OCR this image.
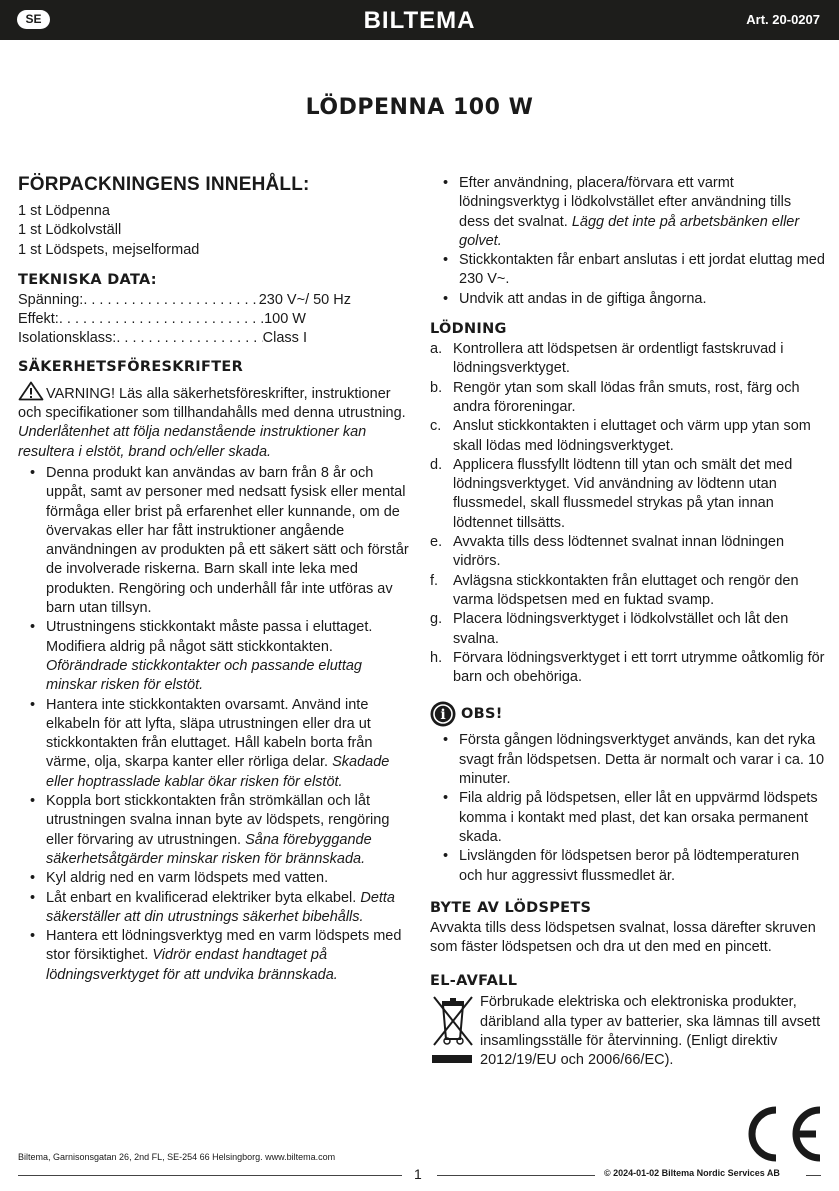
SE	BILTEMA	Art. 20-0207
LÖDPENNA 100 W
FÖRPACKNINGENS INNEHÅLL:
1 st Lödpenna
1 st Lödkolvställ
1 st Lödspets, mejselformad
TEKNISKA DATA:
Spänning: . . .	230 V~/ 50 Hz
Effekt: . . .	100 W
Isolationsklass: . . .	Class I
SÄKERHETSFÖRESKRIFTER

VARNING! Läs alla säkerhetsföreskrifter, instruktioner och specifikationer som tillhandahålls med denna utrustning. Underlåtenhet att följa nedanstående instruktioner kan resultera i elstöt, brand och/eller skada.

• Denna produkt kan användas av barn från 8 år och uppåt, samt av personer med nedsatt fysisk eller mental förmåga eller brist på erfarenhet eller kunnande, om de övervakas eller har fått instruktioner angående användningen av produkten på ett säkert sätt och förstår de involverade riskerna. Barn skall inte leka med produkten. Rengöring och underhåll får inte utföras av barn utan tillsyn.
• Utrustningens stickkontakt måste passa i eluttaget. Modifiera aldrig på något sätt stickkontakten. Oförändrade stickkontakter och passande eluttag minskar risken för elstöt.
• Hantera inte stickkontakten ovarsamt. Använd inte elkabeln för att lyfta, släpa utrustningen eller dra ut stickkontakten från eluttaget. Håll kabeln borta från värme, olja, skarpa kanter eller rörliga delar. Skadade eller hoptrasslade kablar ökar risken för elstöt.
• Koppla bort stickkontakten från strömkällan och låt utrustningen svalna innan byte av lödspets, rengöring eller förvaring av utrustningen. Såna förebyggande säkerhetsåtgärder minskar risken för brännskada.
• Kyl aldrig ned en varm lödspets med vatten.
• Låt enbart en kvalificerad elektriker byta elkabel. Detta säkerställer att din utrustnings säkerhet bibehålls.
• Hantera ett lödningsverktyg med en varm lödspets med stor försiktighet. Vidrör endast handtaget på lödningsverktyget för att undvika brännskada.
• Efter användning, placera/förvara ett varmt lödningsverktyg i lödkolvstället efter användning tills dess det svalnat. Lägg det inte på arbetsbänken eller golvet.
• Stickkontakten får enbart anslutas i ett jordat eluttag med 230 V~.
• Undvik att andas in de giftiga ångorna.
LÖDNING
a. Kontrollera att lödspetsen är ordentligt fastskruvad i lödningsverktyget.
b. Rengör ytan som skall lödas från smuts, rost, färg och andra föroreningar.
c. Anslut stickkontakten i eluttaget och värm upp ytan som skall lödas med lödningsverktyget.
d. Applicera flussfyllt lödtenn till ytan och smält det med lödningsverktyget. Vid användning av lödtenn utan flussmedel, skall flussmedel strykas på ytan innan lödtennet tillsätts.
e. Avvakta tills dess lödtennet svalnat innan lödningen vidrörs.
f. Avlägsna stickkontakten från eluttaget och rengör den varma lödspetsen med en fuktad svamp.
g. Placera lödningsverktyget i lödkolvstället och låt den svalna.
h. Förvara lödningsverktyget i ett torrt utrymme oåtkomlig för barn och obehöriga.
i OBS!
• Första gången lödningsverktyget används, kan det ryka svagt från lödspetsen. Detta är normalt och varar i ca. 10 minuter.
• Fila aldrig på lödspetsen, eller låt en uppvärmd lödspets komma i kontakt med plast, det kan orsaka permanent skada.
• Livslängden för lödspetsen beror på lödtemperaturen och hur aggressivt flussmedlet är.
BYTE AV LÖDSPETS

Avvakta tills dess lödspetsen svalnat, lossa därefter skruven som fäster lödspetsen och dra ut den med en pincett.

EL-AVFALL

Förbrukade elektriska och elektroniska produkter, däribland alla typer av batterier, ska lämnas till avsett insamlingsställe för återvinning. (Enligt direktiv 2012/19/EU och 2006/66/EC).

Biltema, Garnisonsgatan 26, 2nd FL, SE-254 66 Helsingborg. www.biltema.com
1	© 2024-01-02 Biltema Nordic Services AB
